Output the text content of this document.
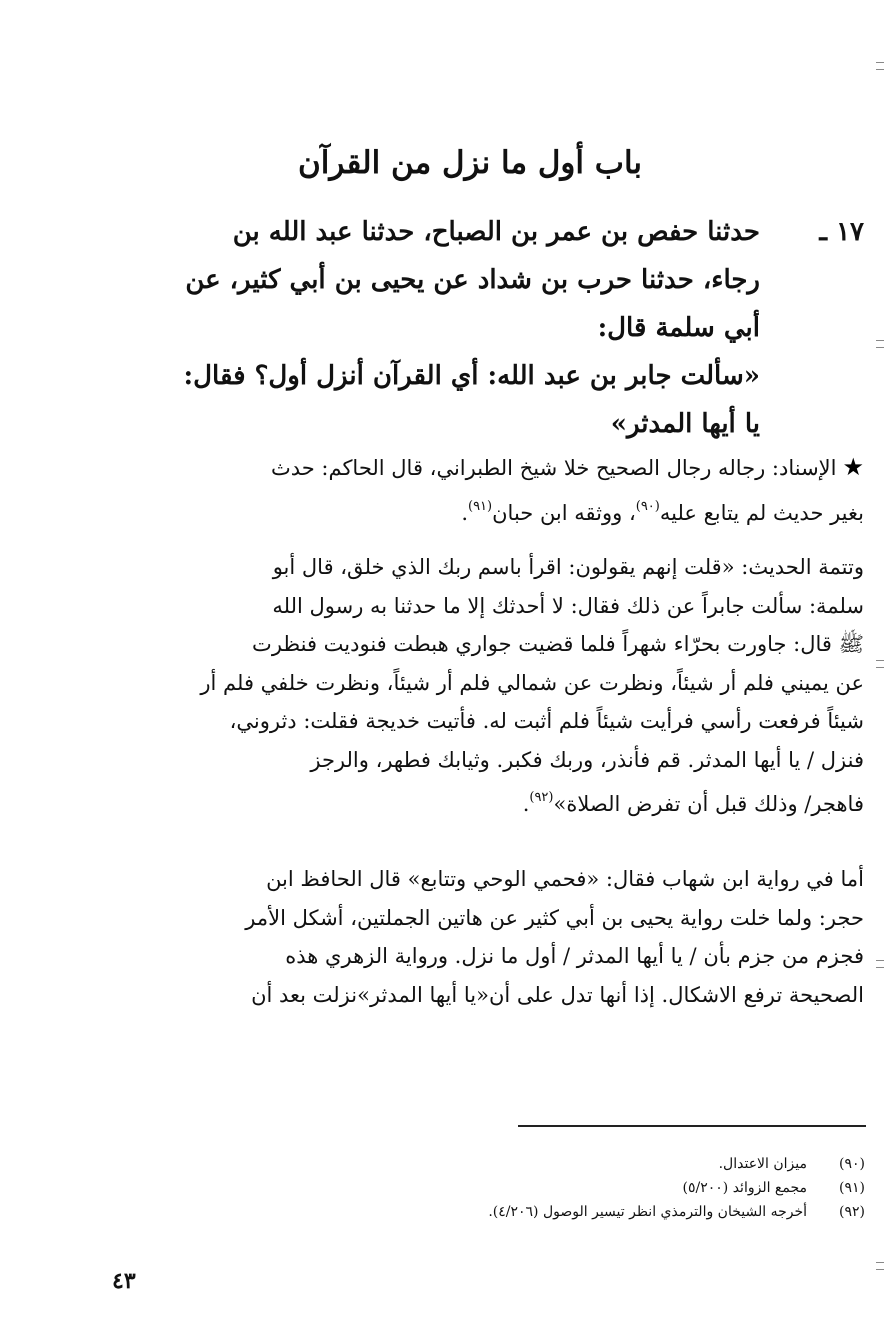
باب أول ما نزل من القرآن
١٧ ـحدثنا حفص بن عمر بن الصباح، حدثنا عبد الله بن
رجاء، حدثنا حرب بن شداد عن يحيى بن أبي كثير، عن
أبي سلمة قال:
«سألت جابر بن عبد الله: أي القرآن أنزل أول؟ فقال:
يا أيها المدثر»
★الإسناد: رجاله رجال الصحيح خلا شيخ الطبراني، قال الحاكم: حدث
بغير حديث لم يتابع عليه$^{(٩٠)}$، ووثقه ابن حبان$^{(٩١)}$.
وتتمة الحديث: «قلت إنهم يقولون: اقرأ باسم ربك الذي خلق، قال أبو
سلمة: سألت جابراً عن ذلك فقال: لا أحدثك إلا ما حدثنا به رسول الله
ﷺ قال: جاورت بحرّاء شهراً فلما قضيت جواري هبطت فنوديت فنظرت
عن يميني فلم أر شيئاً، ونظرت عن شمالي فلم أر شيئاً، ونظرت خلفي فلم أر
شيئاً فرفعت رأسي فرأيت شيئاً فلم أثبت له. فأتيت خديجة فقلت: دثروني،
فنزل / يا أيها المدثر. قم فأنذر، وربك فكبر. وثيابك فطهر، والرجز
فاهجر/ وذلك قبل أن تفرض الصلاة»$^{(٩٢)}$.
أما في رواية ابن شهاب فقال: «فحمي الوحي وتتابع» قال الحافظ ابن
حجر: ولما خلت رواية يحيى بن أبي كثير عن هاتين الجملتين، أشكل الأمر
فجزم من جزم بأن / يا أيها المدثر / أول ما نزل. ورواية الزهري هذه
الصحيحة ترفع الاشكال. إذا أنها تدل على أن«يا أيها المدثر»نزلت بعد أن
(٩٠)ميزان الاعتدال.
(٩١)مجمع الزوائد (٥/٢٠٠)
(٩٢)أخرجه الشيخان والترمذي انظر تيسير الوصول (٤/٢٠٦).
٤٣
